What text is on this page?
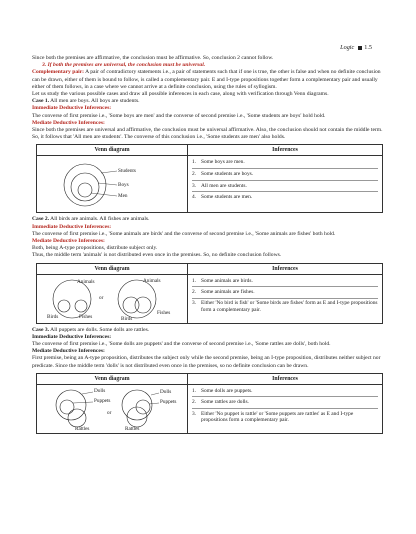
Logic 1.5

Since both the premises are affirmative, the conclusion must be affirmative. So, conclusion 2 cannot follow.

3. If both the premises are universal, the conclusion must be universal.

Complementary pair: A pair of contradictory statements i.e., a pair of statements such that if one is true, the other is false and when no definite conclusion can be drawn, either of them is bound to follow, is called a complementary pair. E and I-type propositions together form a complementary pair and usually either of them follows, in a case where we cannot arrive at a definite conclusion, using the rules of syllogism.

Let us study the various possible cases and draw all possible inferences in each case, along with verification through Venn diagrams.

Case 1. All men are boys. All boys are students.

Immediate Deductive Inferences:

The converse of first premise i.e., 'Some boys are men' and the converse of second premise i.e., 'Some students are boys' hold hold.

Mediate Deductive Inferences:

Since both the premises are universal and affirmative, the conclusion must be universal affirmative. Also, the conclusion should not contain the middle term. So, it follows that 'All men are students'. The converse of this conclusion i.e., 'Some students are men' also holds.

Venn diagram
Students
Boys
Men
Inferences
1. Some boys are men.
2. Some students are boys.
3. All men are students.
4. Some students are men.

Case 2. All birds are animals. All fishes are animals.

Immediate Deductive Inferences:

The converse of first premise i.e., 'Some animals are birds' and the converse of second premise i.e., 'Some animals are fishes' both hold.

Mediate Deductive Inferences:

Both, being A-type propositions, distribute subject only.

Thus, the middle term 'animals' is not distributed even once in the premises. So, no definite conclusion follows.

Venn diagram
Animals
or
Birds	Fishes
Animals
Birds
Fishes
Inferences
1. Some animals are birds.
2. Some animals are fishes.
3. Either 'No bird is fish' or 'Some birds are fishes' form as E and I-type propositions form a complementary pair.

Case 3. All puppets are dolls. Some dolls are rattles.

Immediate Deductive Inferences:

The converse of first premise i.e., 'Some dolls are puppets' and the converse of second premise i.e., 'Some rattles are dolls', both hold.

Mediate Deductive Inferences:

First premise, being an A-type proposition, distributes the subject only while the second premise, being an I-type proposition, distributes neither subject nor predicate. Since the middle term 'dolls' is not distributed even once in the premises, so no definite conclusion can be drawn.

Venn diagram
Dolls
Puppets
or
Rattles
Dolls
Puppets
Rattles
Inferences
1. Some dolls are puppets.
2. Some rattles are dolls.
3. Either 'No puppet is rattle' or 'Some puppets are rattles' as E and I-type propositions form a complementary pair.
